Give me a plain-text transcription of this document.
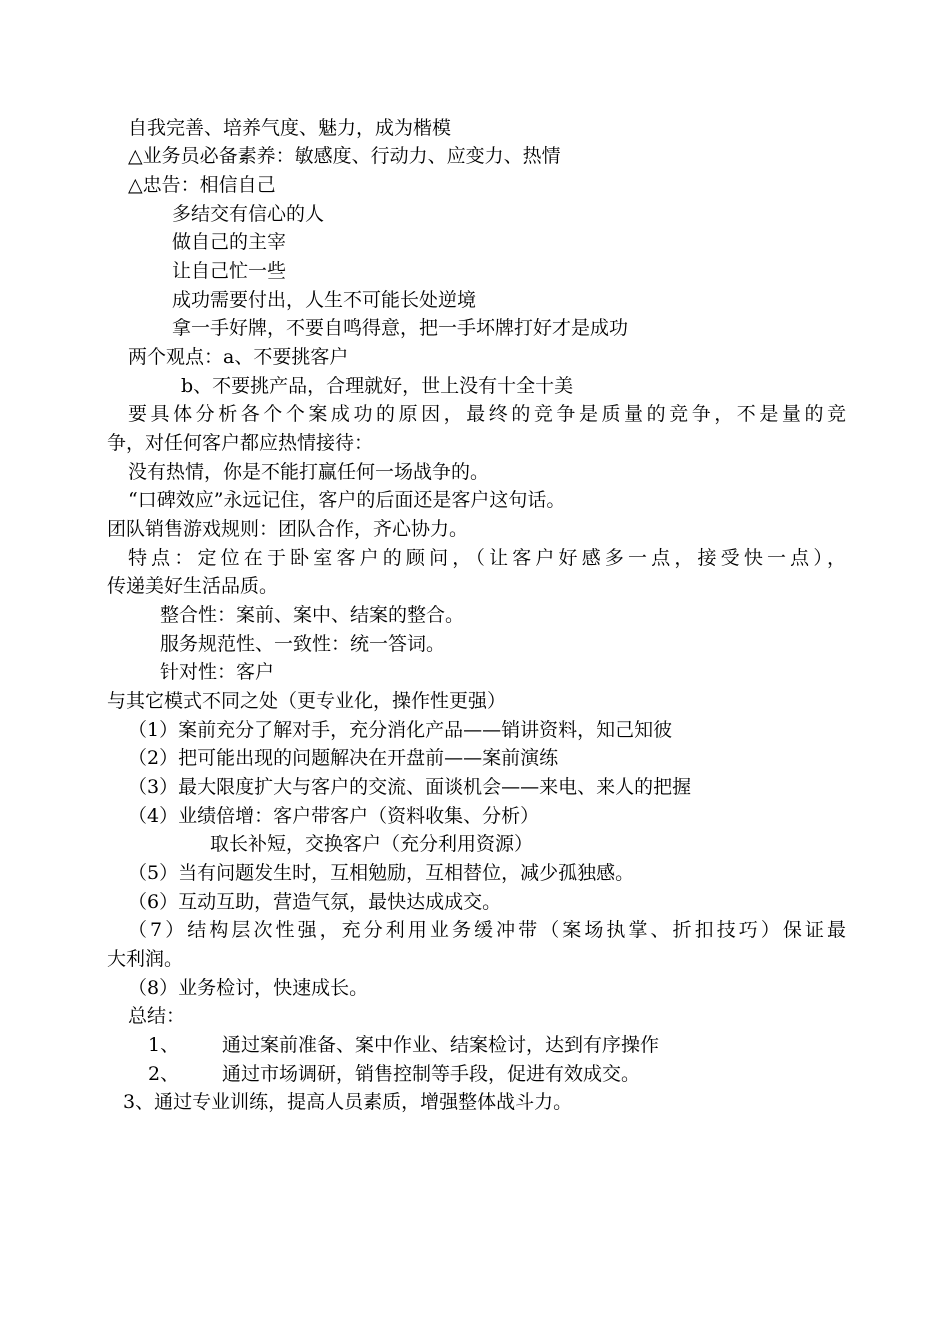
自我完善、培养气度、魅力，成为楷模
△业务员必备素养：敏感度、行动力、应变力、热情
△忠告：相信自己
多结交有信心的人
做自己的主宰
让自己忙一些
成功需要付出，人生不可能长处逆境
拿一手好牌，不要自鸣得意，把一手坏牌打好才是成功
两个观点：a、不要挑客户
b、不要挑产品，合理就好，世上没有十全十美
要具体分析各个个案成功的原因，最终的竞争是质量的竞争，不是量的竞
争，对任何客户都应热情接待：
没有热情，你是不能打赢任何一场战争的。
“口碑效应”永远记住，客户的后面还是客户这句话。
团队销售游戏规则：团队合作，齐心协力。
特点：定位在于卧室客户的顾问，（让客户好感多一点，接受快一点），
传递美好生活品质。
整合性：案前、案中、结案的整合。
服务规范性、一致性：统一答词。
针对性：客户
与其它模式不同之处（更专业化，操作性更强）
（1）案前充分了解对手，充分消化产品——销讲资料，知己知彼
（2）把可能出现的问题解决在开盘前——案前演练
（3）最大限度扩大与客户的交流、面谈机会——来电、来人的把握
（4）业绩倍增：客户带客户（资料收集、分析）
取长补短，交换客户（充分利用资源）
（5）当有问题发生时，互相勉励，互相替位，减少孤独感。
（6）互动互助，营造气氛，最快达成成交。
（7）结构层次性强，充分利用业务缓冲带（案场执掌、折扣技巧）保证最
大利润。
（8）业务检讨，快速成长。
总结：
1、 通过案前准备、案中作业、结案检讨，达到有序操作
2、 通过市场调研，销售控制等手段，促进有效成交。
3、通过专业训练，提高人员素质，增强整体战斗力。
